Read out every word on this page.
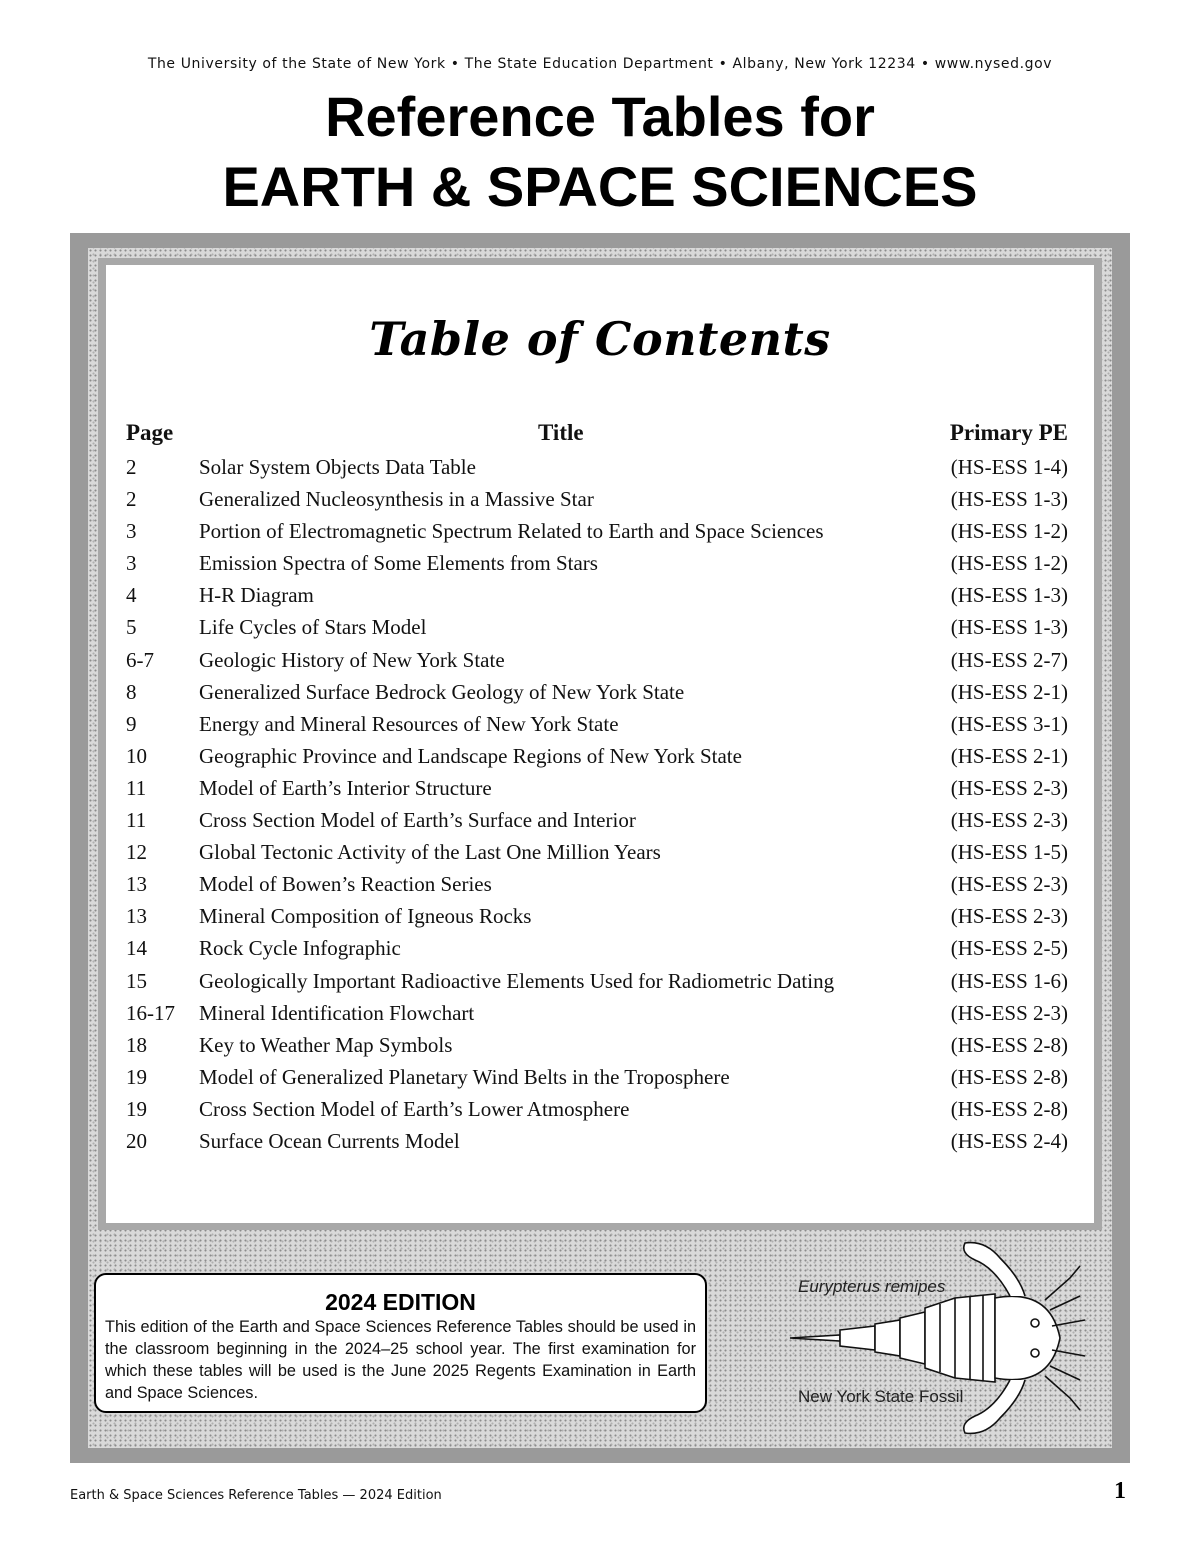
The University of the State of New York • The State Education Department • Albany, New York 12234 • www.nysed.gov
Reference Tables for
EARTH & SPACE SCIENCES
Table of Contents
Page	Title	Primary PE
2	Solar System Objects Data Table	(HS-ESS 1-4)
2	Generalized Nucleosynthesis in a Massive Star	(HS-ESS 1-3)
3	Portion of Electromagnetic Spectrum Related to Earth and Space Sciences	(HS-ESS 1-2)
3	Emission Spectra of Some Elements from Stars	(HS-ESS 1-2)
4	H-R Diagram	(HS-ESS 1-3)
5	Life Cycles of Stars Model	(HS-ESS 1-3)
6-7 Geologic History of New York State	(HS-ESS 2-7)
8	Generalized Surface Bedrock Geology of New York State	(HS-ESS 2-1)
9	Energy and Mineral Resources of New York State	(HS-ESS 3-1)
10 Geographic Province and Landscape Regions of New York State	(HS-ESS 2-1)
11	Model of Earth’s Interior Structure	(HS-ESS 2-3)
11	Cross Section Model of Earth’s Surface and Interior	(HS-ESS 2-3)
12 Global Tectonic Activity of the Last One Million Years	(HS-ESS 1-5)
13 Model of Bowen’s Reaction Series	(HS-ESS 2-3)
13 Mineral Composition of Igneous Rocks	(HS-ESS 2-3)
14 Rock Cycle Infographic	(HS-ESS 2-5)
15 Geologically Important Radioactive Elements Used for Radiometric Dating	(HS-ESS 1-6)
16-17 Mineral Identification Flowchart	(HS-ESS 2-3)
18 Key to Weather Map Symbols	(HS-ESS 2-8)
19 Model of Generalized Planetary Wind Belts in the Troposphere	(HS-ESS 2-8)
19 Cross Section Model of Earth’s Lower Atmosphere	(HS-ESS 2-8)
20 Surface Ocean Currents Model	(HS-ESS 2-4)
2024 EDITION
This edition of the Earth and Space Sciences Reference Tables should be used in the classroom beginning in the 2024–25 school year. The first examination for which these tables will be used is the June 2025 Regents Examination in Earth and Space Sciences.
Eurypterus remipes
New York State Fossil
Earth & Space Sciences Reference Tables — 2024 Edition	1
